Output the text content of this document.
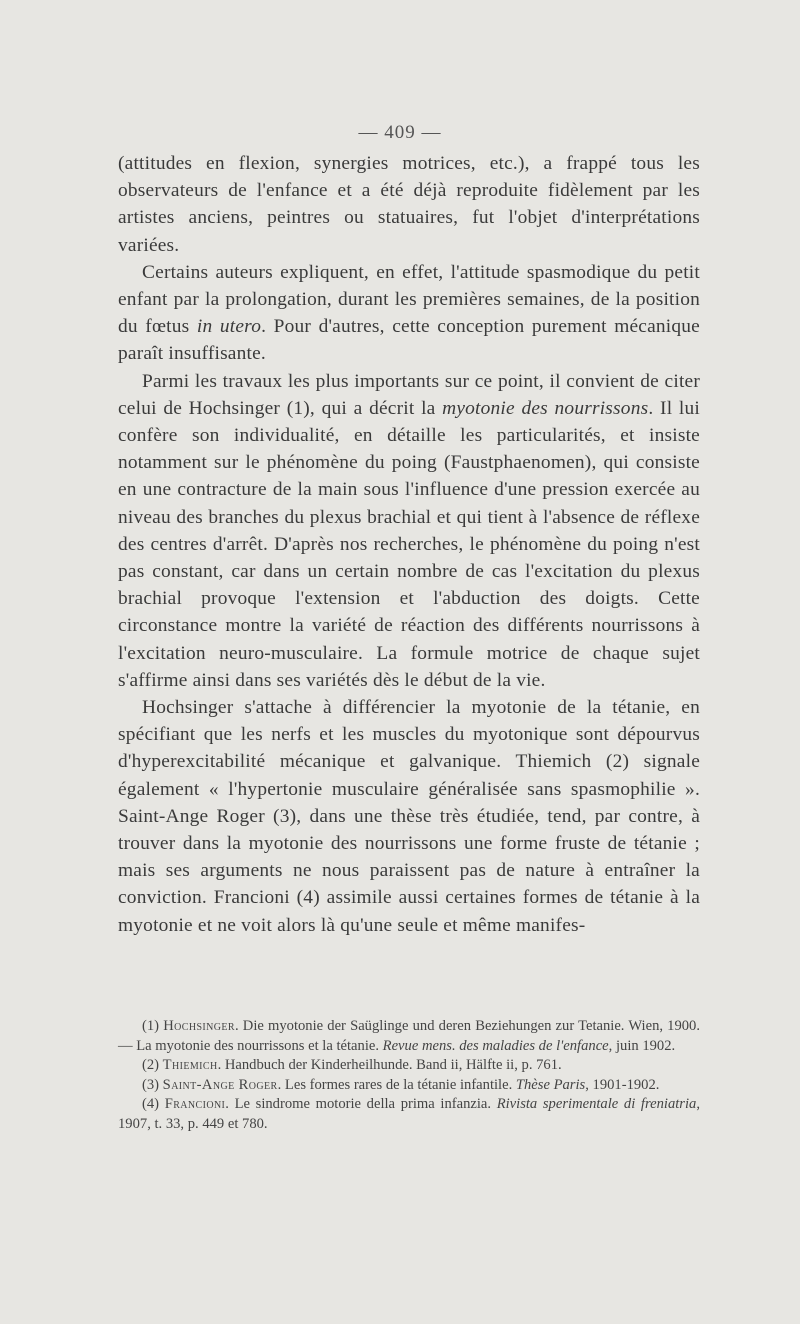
— 409 —

(attitudes en flexion, synergies motrices, etc.), a frappé tous les observateurs de l'enfance et a été déjà reproduite fidèlement par les artistes anciens, peintres ou statuaires, fut l'objet d'interprétations variées.

Certains auteurs expliquent, en effet, l'attitude spasmodique du petit enfant par la prolongation, durant les premières semaines, de la position du fœtus in utero. Pour d'autres, cette conception purement mécanique paraît insuffisante.

Parmi les travaux les plus importants sur ce point, il convient de citer celui de Hochsinger (1), qui a décrit la myotonie des nourrissons. Il lui confère son individualité, en détaille les particularités, et insiste notamment sur le phénomène du poing (Faustphaenomen), qui consiste en une contracture de la main sous l'influence d'une pression exercée au niveau des branches du plexus brachial et qui tient à l'absence de réflexe des centres d'arrêt. D'après nos recherches, le phénomène du poing n'est pas constant, car dans un certain nombre de cas l'excitation du plexus brachial provoque l'extension et l'abduction des doigts. Cette circonstance montre la variété de réaction des différents nourrissons à l'excitation neuro-musculaire. La formule motrice de chaque sujet s'affirme ainsi dans ses variétés dès le début de la vie.

Hochsinger s'attache à différencier la myotonie de la tétanie, en spécifiant que les nerfs et les muscles du myotonique sont dépourvus d'hyperexcitabilité mécanique et galvanique. Thiemich (2) signale également « l'hypertonie musculaire généralisée sans spasmophilie ». Saint-Ange Roger (3), dans une thèse très étudiée, tend, par contre, à trouver dans la myotonie des nourrissons une forme fruste de tétanie ; mais ses arguments ne nous paraissent pas de nature à entraîner la conviction. Francioni (4) assimile aussi certaines formes de tétanie à la myotonie et ne voit alors là qu'une seule et même manifes-

(1) Hochsinger. Die myotonie der Saüglinge und deren Beziehungen zur Tetanie. Wien, 1900. — La myotonie des nourrissons et la tétanie. Revue mens. des maladies de l'enfance, juin 1902.

(2) Thiemich. Handbuch der Kinderheilhunde. Band ii, Hälfte ii, p. 761.

(3) Saint-Ange Roger. Les formes rares de la tétanie infantile. Thèse Paris, 1901-1902.

(4) Francioni. Le sindrome motorie della prima infanzia. Rivista sperimentale di freniatria, 1907, t. 33, p. 449 et 780.
